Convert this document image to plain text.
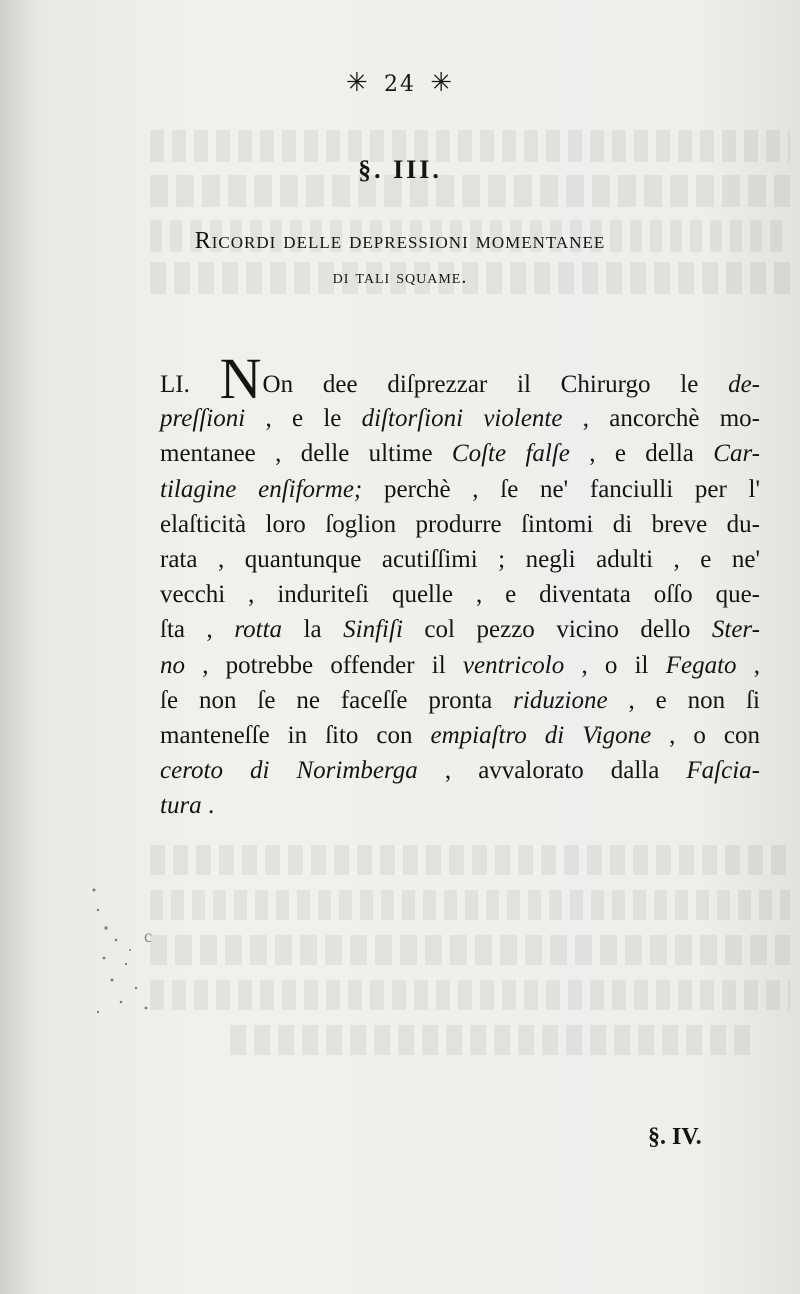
✳ 24 ✳
§. III.
Ricordi delle depressioni momentanee
di tali squame.
LI. NOn dee diſprezzar il Chirurgo le de-
preſſioni , e le diſtorſioni violente , ancorchè mo-
mentanee , delle ultime Coſte falſe , e della Car-
tilagine enſiforme; perchè , ſe ne' fanciulli per l'
elaſticità loro ſoglion produrre ſintomi di breve du-
rata , quantunque acutiſſimi ; negli adulti , e ne'
vecchi , induriteſi quelle , e diventata oſſo que-
ſta , rotta la Sinfiſi col pezzo vicino dello Ster-
no , potrebbe offender il ventricolo , o il Fegato ,
ſe non ſe ne faceſſe pronta riduzione , e non ſi
manteneſſe in ſito con empiaſtro di Vigone , o con
ceroto di Norimberga , avvalorato dalla Faſcia-
tura .
c
§. IV.
